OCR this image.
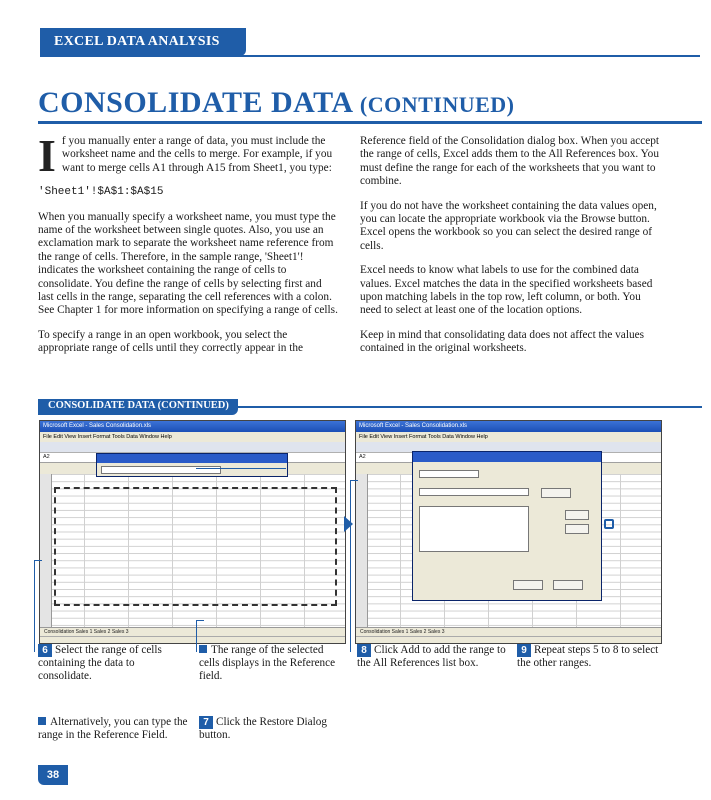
EXCEL DATA ANALYSIS
CONSOLIDATE DATA (CONTINUED)

I f you manually enter a range of data, you must include the worksheet name and the cells to merge. For example, if you want to merge cells A1 through A15 from Sheet1, you type:

'Sheet1'!$A$1:$A$15

When you manually specify a worksheet name, you must type the name of the worksheet between single quotes. Also, you use an exclamation mark to separate the worksheet name reference from the range of cells. Therefore, in the sample range, 'Sheet1'! indicates the worksheet containing the range of cells to consolidate. You define the range of cells by selecting first and last cells in the range, separating the cell references with a colon. See Chapter 1 for more information on specifying a range of cells.

To specify a range in an open workbook, you select the appropriate range of cells until they correctly appear in the

Reference field of the Consolidation dialog box. When you accept the range of cells, Excel adds them to the All References box. You must define the range for each of the worksheets that you want to combine.

If you do not have the worksheet containing the data values open, you can locate the appropriate workbook via the Browse button. Excel opens the workbook so you can select the desired range of cells.

Excel needs to know what labels to use for the combined data values. Excel matches the data in the specified worksheets based upon matching labels in the top row, left column, or both. You need to select at least one of the location options.

Keep in mind that consolidating data does not affect the values contained in the original worksheets.

CONSOLIDATE DATA (CONTINUED)
Microsoft Excel - Sales Consolidation.xls
File Edit View Insert Format Tools Data Window Help
A2
Consolidation Sales 1 Sales 2 Sales 3
Microsoft Excel - Sales Consolidation.xls
File Edit View Insert Format Tools Data Window Help
A2
Consolidation Sales 1 Sales 2 Sales 3
6 Select the range of cells containing the data to consolidate.
Alternatively, you can type the range in the Reference Field.
The range of the selected cells displays in the Reference field.
7 Click the Restore Dialog button.
8 Click Add to add the range to the All References list box.
9 Repeat steps 5 to 8 to select the other ranges.
38
